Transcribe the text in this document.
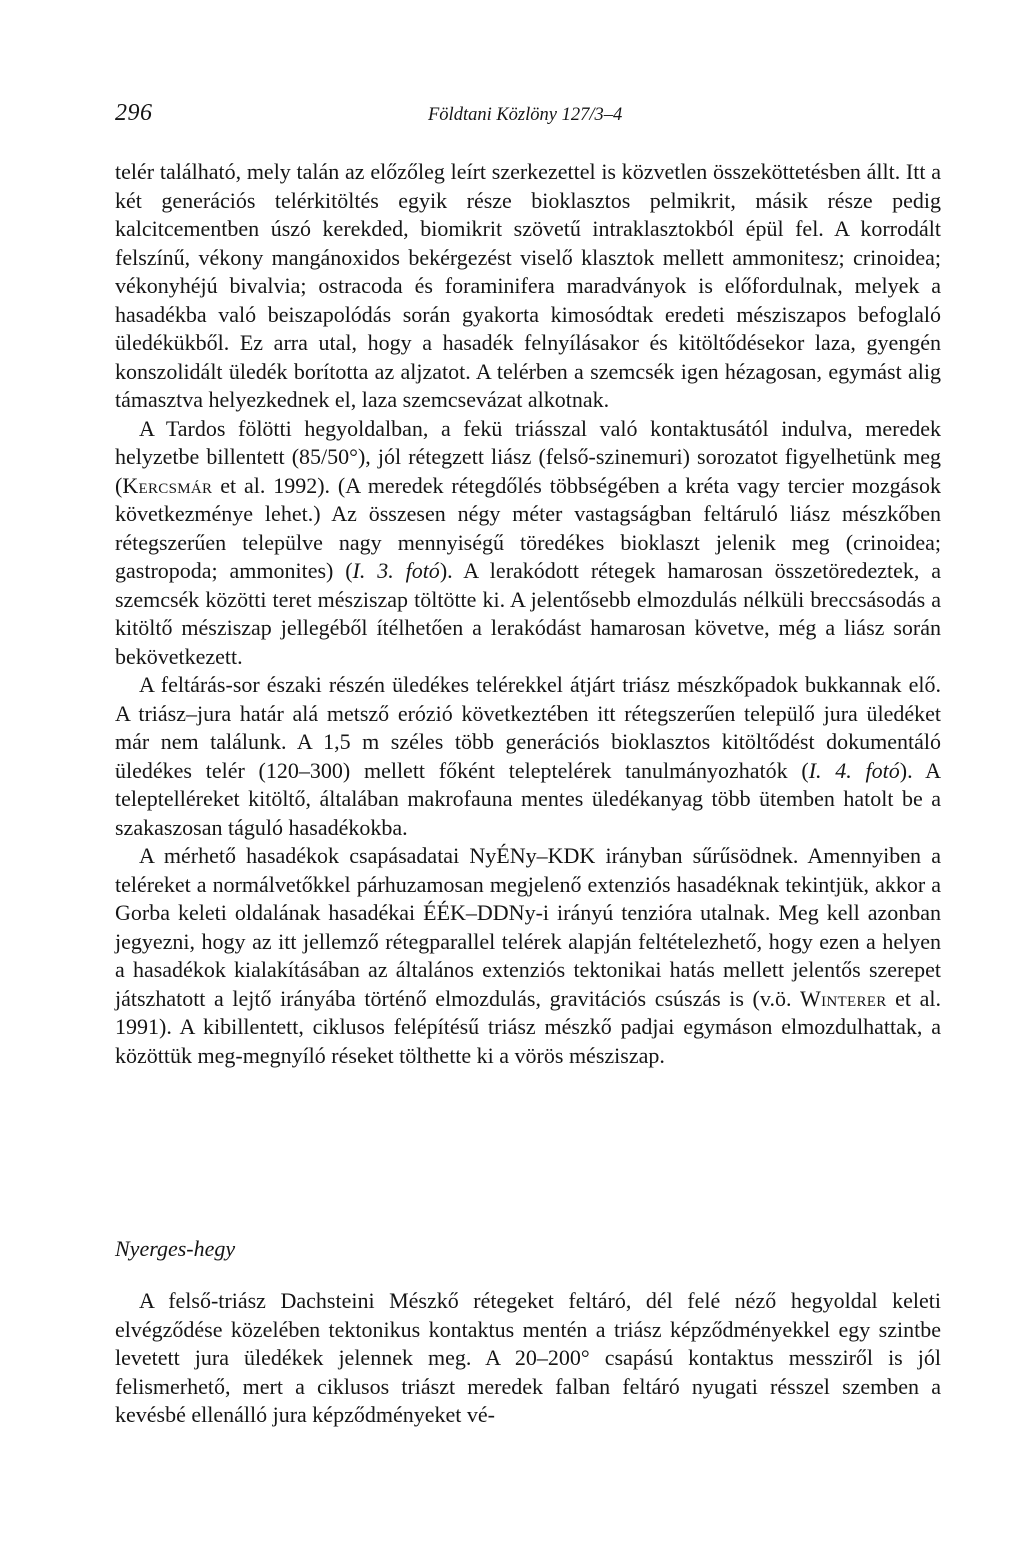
296	Földtani Közlöny 127/3–4

telér található, mely talán az előzőleg leírt szerkezettel is közvetlen összeköttetésben állt. Itt a két generációs telérkitöltés egyik része bioklasztos pelmikrit, másik része pedig kalcitcementben úszó kerekded, biomikrit szövetű intraklasztokból épül fel. A korrodált felszínű, vékony mangánoxidos bekérgezést viselő klasztok mellett ammonitesz; crinoidea; vékonyhéjú bivalvia; ostracoda és foraminifera maradványok is előfordulnak, melyek a hasadékba való beiszapolódás során gyakorta kimosódtak eredeti mésziszapos befoglaló üledékükből. Ez arra utal, hogy a hasadék felnyílásakor és kitöltődésekor laza, gyengén konszolidált üledék borította az aljzatot. A telérben a szemcsék igen hézagosan, egymást alig támasztva helyezkednek el, laza szemcsevázat alkotnak.

A Tardos fölötti hegyoldalban, a fekü triásszal való kontaktusától indulva, meredek helyzetbe billentett (85/50°), jól rétegzett liász (felső-szinemuri) sorozatot figyelhetünk meg (Kercsmár et al. 1992). (A meredek rétegdőlés többségében a kréta vagy tercier mozgások következménye lehet.) Az összesen négy méter vastagságban feltáruló liász mészkőben rétegszerűen települve nagy mennyiségű töredékes bioklaszt jelenik meg (crinoidea; gastropoda; ammonites) (I. 3. fotó). A lerakódott rétegek hamarosan összetöredeztek, a szemcsék közötti teret mésziszap töltötte ki. A jelentősebb elmozdulás nélküli breccsásodás a kitöltő mésziszap jellegéből ítélhetően a lerakódást hamarosan követve, még a liász során bekövetkezett.

A feltárás-sor északi részén üledékes telérekkel átjárt triász mészkőpadok bukkannak elő. A triász–jura határ alá metsző erózió következtében itt rétegszerűen települő jura üledéket már nem találunk. A 1,5 m széles több generációs bioklasztos kitöltődést dokumentáló üledékes telér (120–300) mellett főként teleptelérek tanulmányozhatók (I. 4. fotó). A teleptelléreket kitöltő, általában makrofauna mentes üledékanyag több ütemben hatolt be a szakaszosan táguló hasadékokba.

A mérhető hasadékok csapásadatai NyÉNy–KDK irányban sűrűsödnek. Amennyiben a teléreket a normálvetőkkel párhuzamosan megjelenő extenziós hasadéknak tekintjük, akkor a Gorba keleti oldalának hasadékai ÉÉK–DDNy-i irányú tenzióra utalnak. Meg kell azonban jegyezni, hogy az itt jellemző rétegparallel telérek alapján feltételezhető, hogy ezen a helyen a hasadékok kialakításában az általános extenziós tektonikai hatás mellett jelentős szerepet játszhatott a lejtő irányába történő elmozdulás, gravitációs csúszás is (v.ö. Winterer et al. 1991). A kibillentett, ciklusos felépítésű triász mészkő padjai egymáson elmozdulhattak, a közöttük meg-megnyíló réseket tölthette ki a vörös mésziszap.

Nyerges-hegy

A felső-triász Dachsteini Mészkő rétegeket feltáró, dél felé néző hegyoldal keleti elvégződése közelében tektonikus kontaktus mentén a triász képződményekkel egy szintbe levetett jura üledékek jelennek meg. A 20–200° csapású kontaktus messziről is jól felismerhető, mert a ciklusos triászt meredek falban feltáró nyugati résszel szemben a kevésbé ellenálló jura képződményeket vé-
